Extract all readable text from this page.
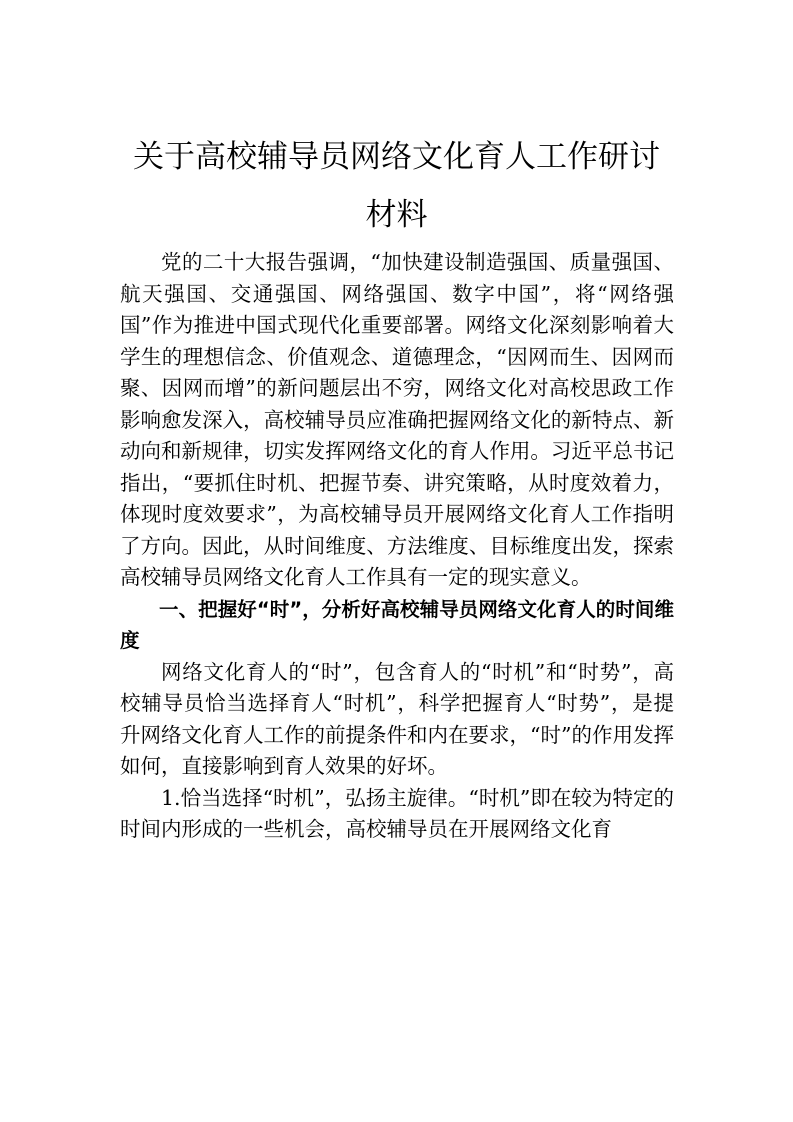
关于高校辅导员网络文化育人工作研讨材料

党的二十大报告强调，“加快建设制造强国、质量强国、航天强国、交通强国、网络强国、数字中国”，将“网络强国”作为推进中国式现代化重要部署。网络文化深刻影响着大学生的理想信念、价值观念、道德理念，“因网而生、因网而聚、因网而增”的新问题层出不穷，网络文化对高校思政工作影响愈发深入，高校辅导员应准确把握网络文化的新特点、新动向和新规律，切实发挥网络文化的育人作用。习近平总书记指出，“要抓住时机、把握节奏、讲究策略，从时度效着力，体现时度效要求”，为高校辅导员开展网络文化育人工作指明了方向。因此，从时间维度、方法维度、目标维度出发，探索高校辅导员网络文化育人工作具有一定的现实意义。

一、把握好“时”，分析好高校辅导员网络文化育人的时间维度

网络文化育人的“时”，包含育人的“时机”和“时势”，高校辅导员恰当选择育人“时机”，科学把握育人“时势”，是提升网络文化育人工作的前提条件和内在要求，“时”的作用发挥如何，直接影响到育人效果的好坏。

1.恰当选择“时机”，弘扬主旋律。“时机”即在较为特定的时间内形成的一些机会，高校辅导员在开展网络文化育
